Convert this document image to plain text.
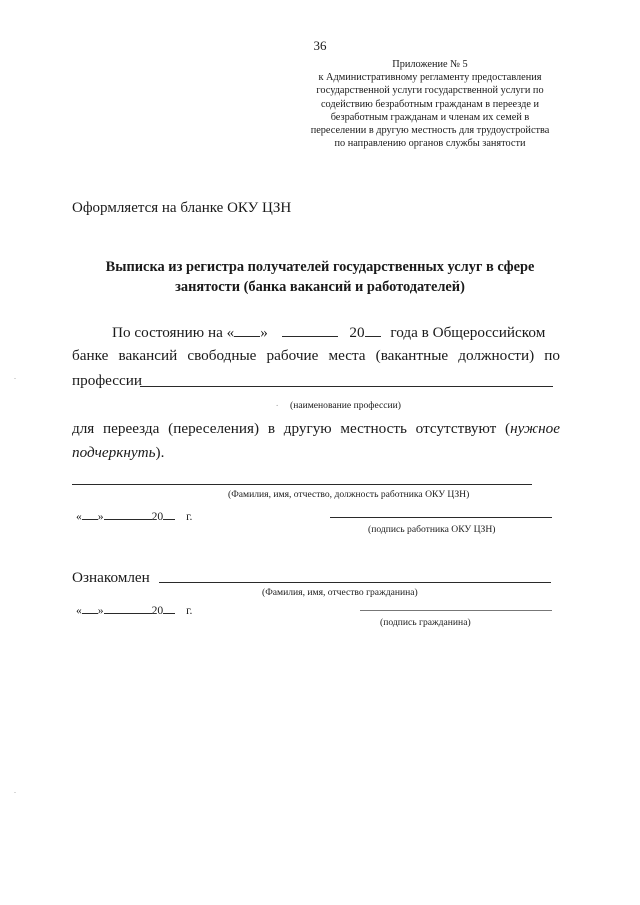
36
Приложение № 5
к Административному регламенту предоставления
государственной услуги государственной услуги по
содействию безработным гражданам в переезде и
безработным гражданам и членам их семей в
переселении в другую местность для трудоустройства
по направлению органов службы занятости
Оформляется на бланке ОКУ ЦЗН
Выписка из регистра получателей государственных услуг в сфере
занятости (банка вакансий и работодателей)
По состоянию на « »	20 года в Общероссийском
банке вакансий свободные рабочие места (вакантные должности) по
профессии
. (наименование профессии)
для переезда (переселения) в другую местность отсутствуют (нужное
подчеркнуть).
(Фамилия, имя, отчество, должность работника ОКУ ЦЗН)
« »	20 г.
(подпись работника ОКУ ЦЗН)
Ознакомлен
(Фамилия, имя, отчество гражданина)
« »	20 г.
(подпись гражданина)
.
.
